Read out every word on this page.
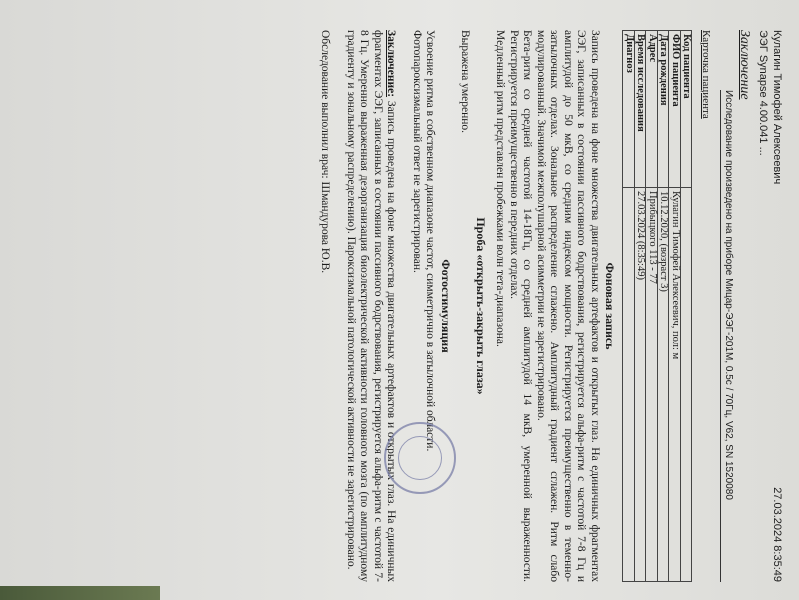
Кулагин Тимофей Алексеевич
27.03.2024 8:35:49
ЭЭГ Synapse 4.00.041 ...
Заключение
Исследование произведено на приборе Мицар-ЭЭГ-201М, 0.5с / 70Гц, V62, SN 1520080
Карточка пациента
Код пациента	
ФИО пациента	Кулагин Тимофей Алексеевич, пол: м
Дата рождения	10.12.2020, (возраст 3)
Адрес	Прибыцкого 113 - 77
Время исследования	27.03.2024 (8:35:49)
Диагноз	
Фоновая запись

Запись проведена на фоне множества двигательных артефактов и открытых глаз. На единичных фрагментах ЭЭГ, записанных в состоянии пассивного бодрствования, регистрируется альфа-ритм с частотой 7-8 Гц и амплитудой до 50 мкВ, со средним индексом мощности. Регистрируется преимущественно в теменно-затылочных отделах. Зональное распределение сглажено. Амплитудный градиент сглажен. Ритм слабо модулированный. Значимой межполушарной асимметрии не зарегистрировано.

Бета-ритм со средней частотой 14-18Гц, со средней амплитудой 14 мкВ, умеренной выраженности. Регистрируется преимущественно в передних отделах.

Медленный ритм представлен пробежками волн тета-диапазона.

Проба «открыть-закрыть глаза»

Выражена умеренно.

Фотостимуляция

Усвоение ритма в собственном диапазоне частот, симметрично в затылочной области.

Фотопароксизмальный ответ не зарегистрирован.

Заключение: Запись проведена на фоне множества двигательных артефактов и открытых глаз. На единичных фрагментах ЭЭГ, записанных в состоянии пассивного бодрствования, регистрируется альфа-ритм с частотой 7-8 Гц. Умеренно выраженная дезорганизация биоэлектрической активности головного мозга (по амплитудному градиенту и зональному распределению). Пароксизмальной патологической активности не зарегистрировано.

Обследование выполнил врач: Шмандурова Ю.В.
